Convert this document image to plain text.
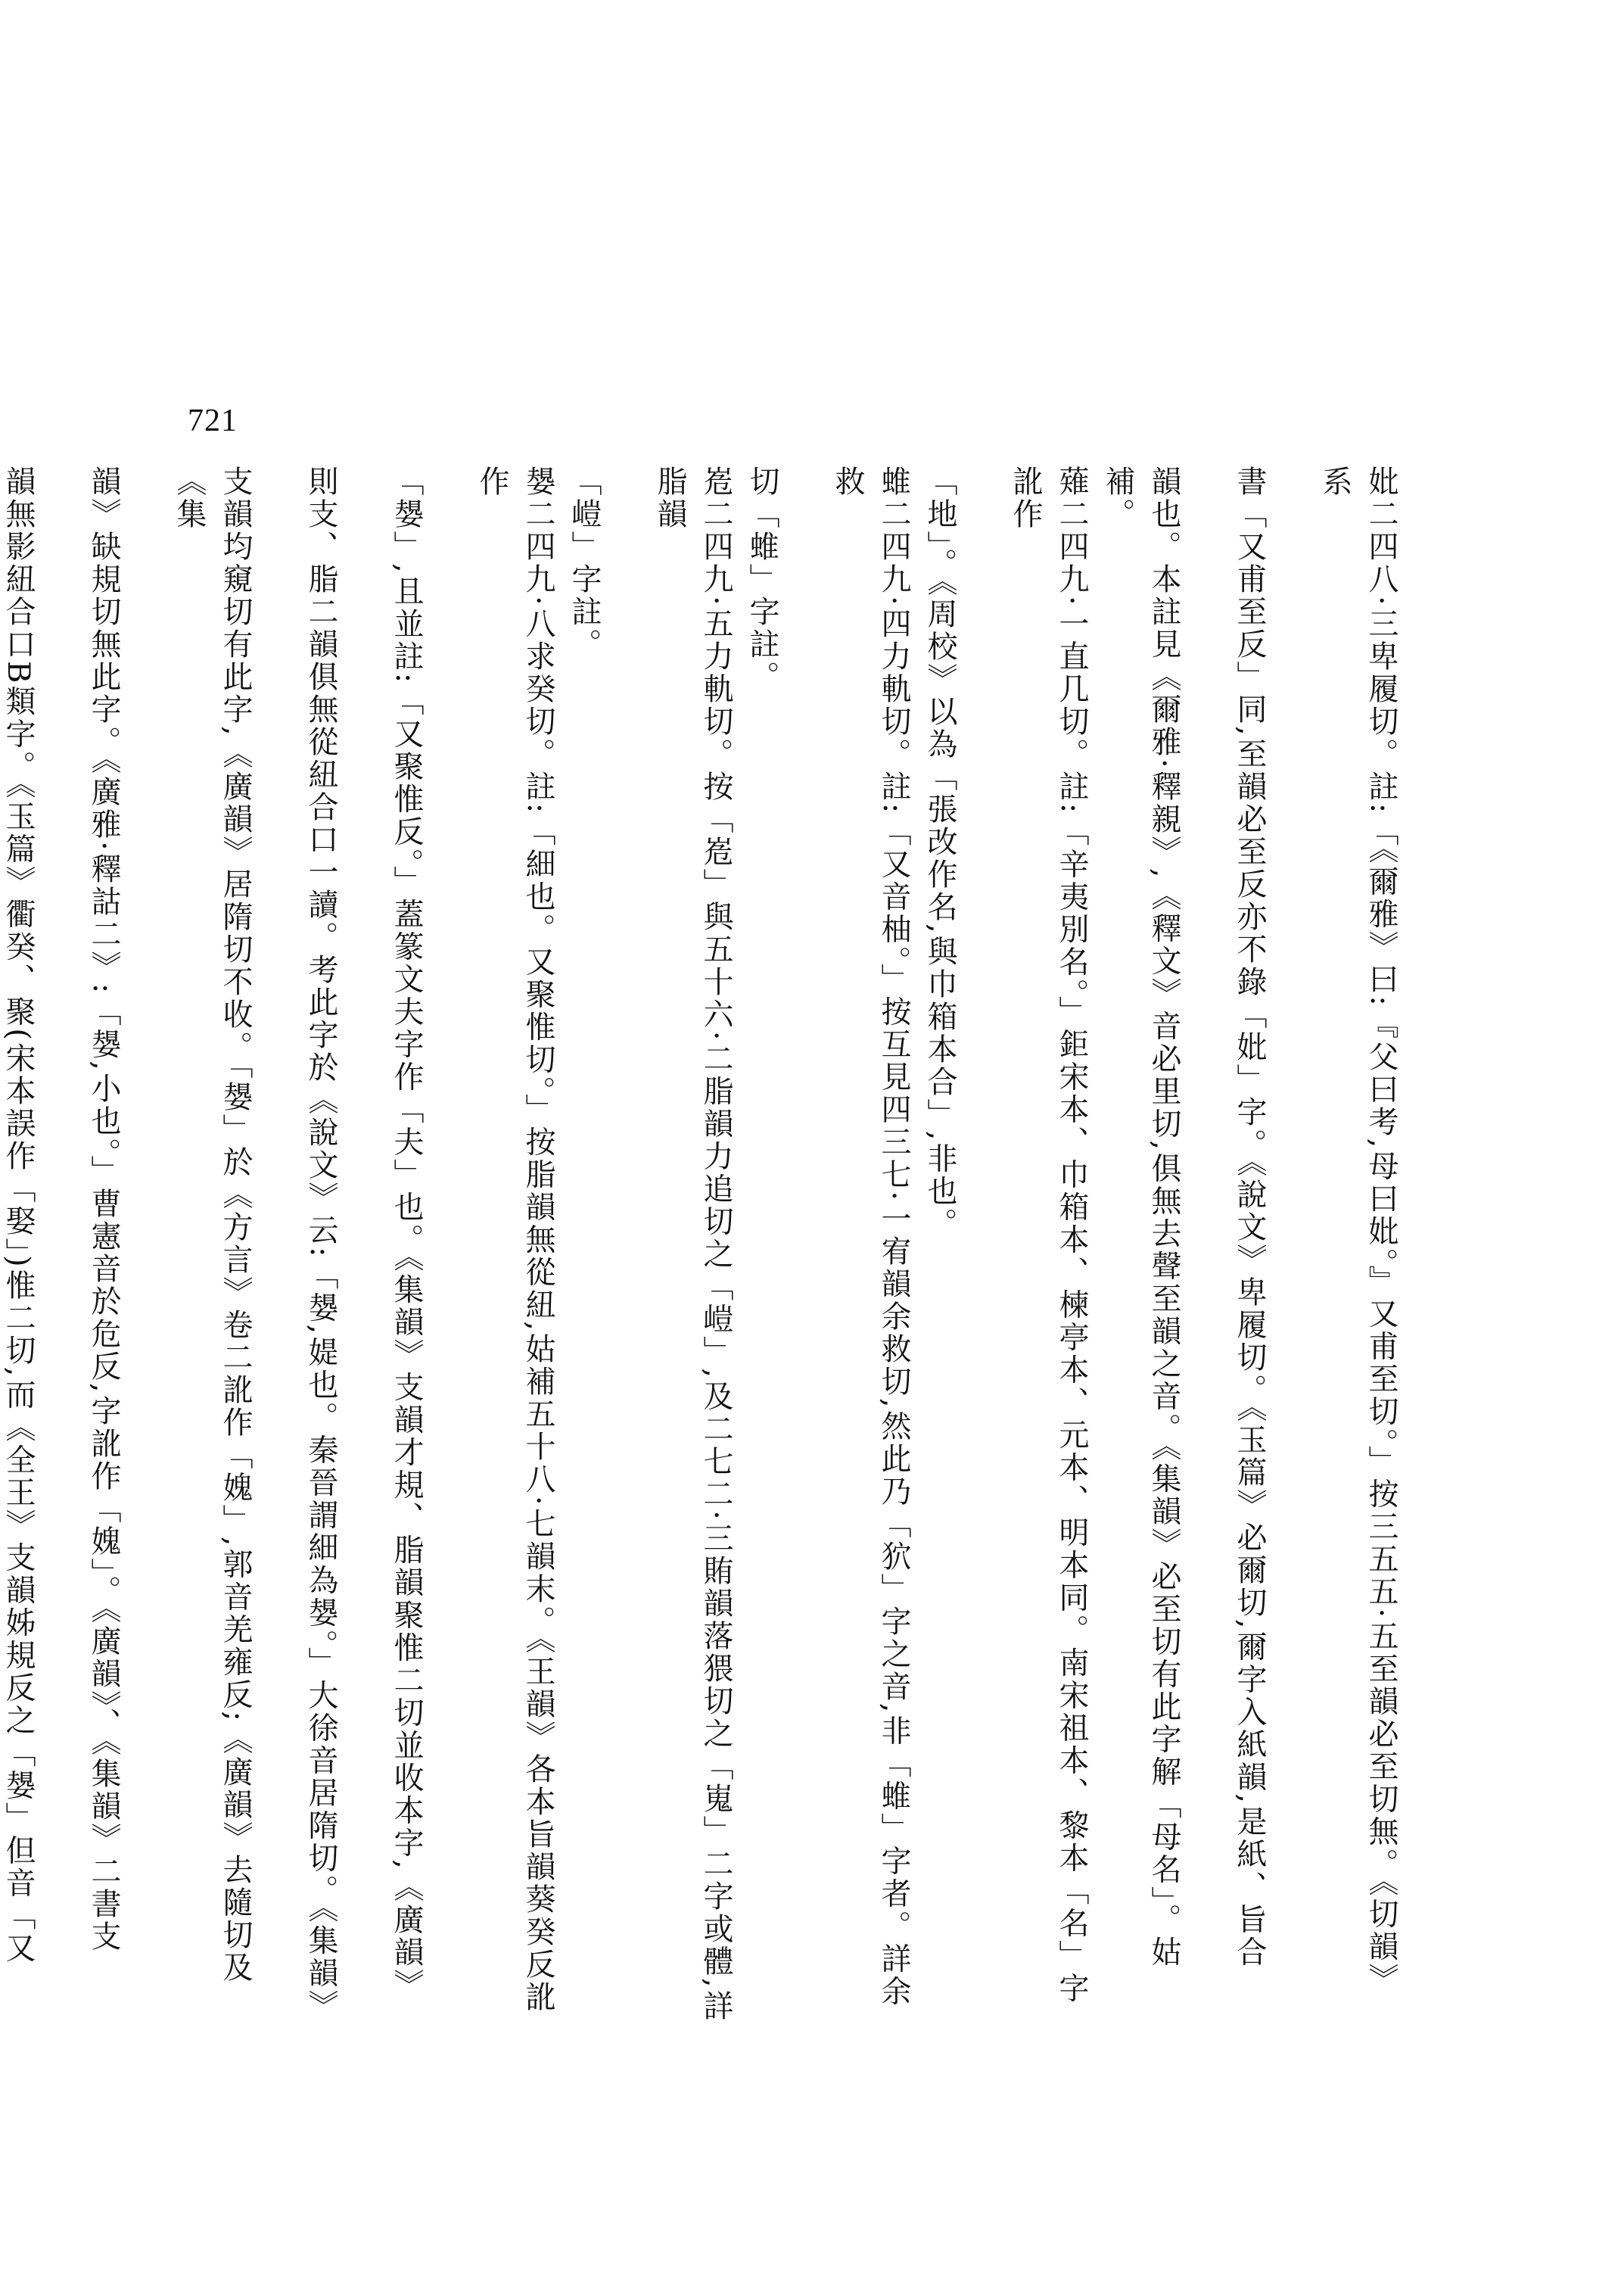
721
妣二四八·三卑履切。註:「《爾雅》曰:『父曰考,母曰妣。』又甫至切。」按三五五·五至韻必至切無。《切韻》系
書「又甫至反」同,至韻必至反亦不錄「妣」字。《說文》卑履切。《玉篇》必爾切,爾字入紙韻,是紙、旨合
韻也。本註見《爾雅·釋親》,《釋文》音必里切,俱無去聲至韻之音。《集韻》必至切有此字解「母名」。姑補。
薙二四九·一直几切。註:「辛夷別名。」鉅宋本、巾箱本、楝亭本、元本、明本同。南宋祖本、黎本「名」字訛作
「地」。《周校》以為「張改作名,與巾箱本合」,非也。
蜼二四九·四力軌切。註:「又音柚。」按互見四三七·一宥韻余救切,然此乃「狖」字之音,非「蜼」字者。詳余救
切「蜼」字註。
峞二四九·五力軌切。按「峞」與五十六·二脂韻力追切之「嵦」,及二七二·三賄韻落猥切之「嵬」二字或體,詳脂韻
「嵦」字註。
嫢二四九·八求癸切。註:「細也。又聚惟切。」按脂韻無從紐,姑補五十八·七韻末。《王韻》各本旨韻葵癸反訛作
「嫢」,且並註:「又聚惟反。」蓋篆文夫字作「夫」也。《集韻》支韻才規、脂韻聚惟二切並收本字,《廣韻》
則支、脂二韻俱無從紐合口一讀。考此字於《說文》云:「嫢,媞也。秦晉謂細為嫢。」大徐音居隋切。《集韻》
支韻均窺切有此字,《廣韻》居隋切不收。「嫢」於《方言》卷二訛作「媿」,郭音羌雍反;《廣韻》去隨切及《集
韻》缺規切無此字。《廣雅·釋詁二》:「嫢,小也。」曹憲音於危反,字訛作「媿」。《廣韻》、《集韻》二書支
韻無影紐合口B類字。《玉篇》衢癸、聚(宋本誤作「娶」)惟二切,而《全王》支韻姊規反之「嫢」但音「又
